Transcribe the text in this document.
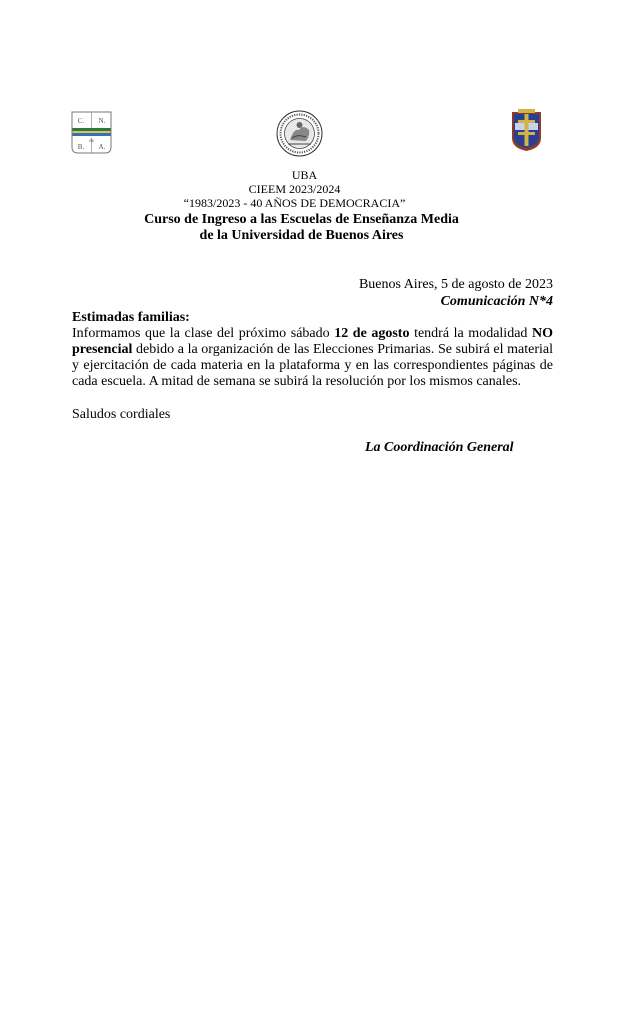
C. N.
de
B. A.
UBA
CIEEM 2023/2024
“1983/2023 - 40 AÑOS DE DEMOCRACIA”
Curso de Ingreso a las Escuelas de Enseñanza Media
de la Universidad de Buenos Aires
Buenos Aires, 5 de agosto de 2023
Comunicación N*4
Estimadas familias:

Informamos que la clase del próximo sábado 12 de agosto tendrá la modalidad NO presencial debido a la organización de las Elecciones Primarias. Se subirá el material y ejercitación de cada materia en la plataforma y en las correspondientes páginas de cada escuela. A mitad de semana se subirá la resolución por los mismos canales.

Saludos cordiales
La Coordinación General
